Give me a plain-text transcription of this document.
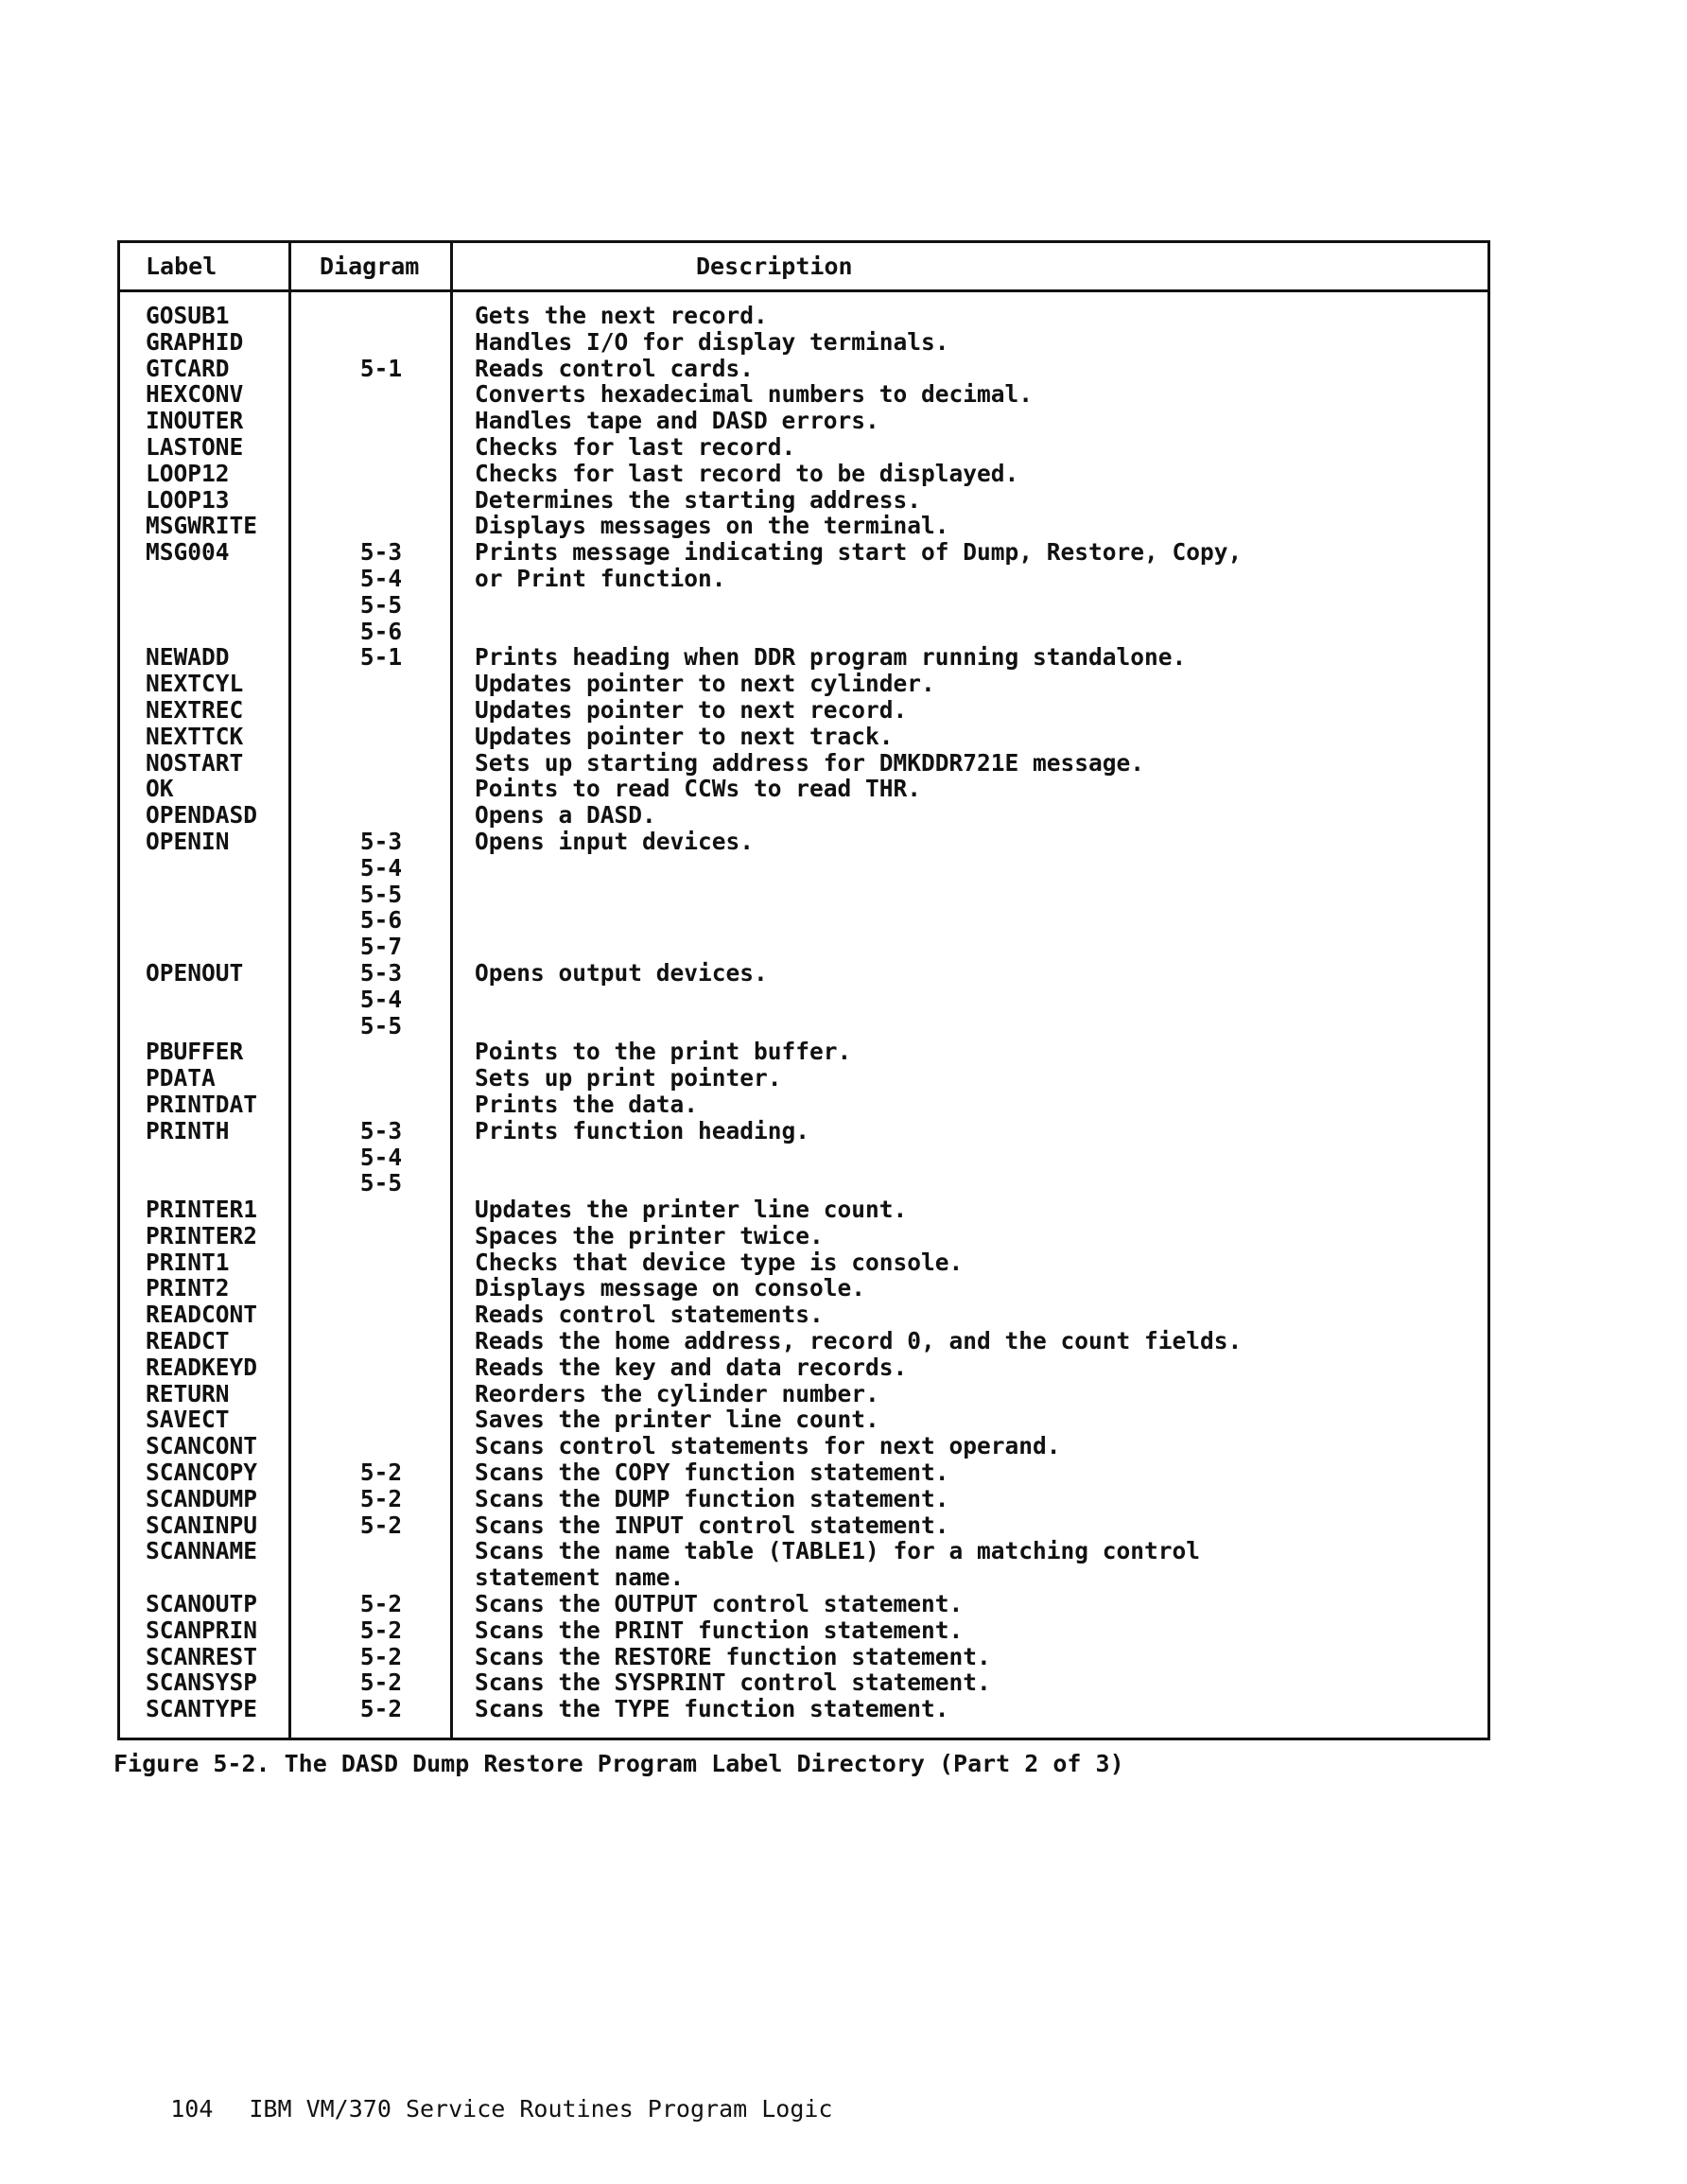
Label	Diagram	Description
GOSUB1	Gets the next record.
GRAPHID	Handles I/O for display terminals.
GTCARD	5-1	Reads control cards.
HEXCONV	Converts hexadecimal numbers to decimal.
INOUTER	Handles tape and DASD errors.
LASTONE	Checks for last record.
LOOP12	Checks for last record to be displayed.
LOOP13	Determines the starting address.
MSGWRITE	Displays messages on the terminal.
MSG004	5-3	Prints message indicating start of Dump, Restore, Copy,
5-4	or Print function.
5-5
5-6
NEWADD	5-1	Prints heading when DDR program running standalone.
NEXTCYL	Updates pointer to next cylinder.
NEXTREC	Updates pointer to next record.
NEXTTCK	Updates pointer to next track.
NOSTART	Sets up starting address for DMKDDR721E message.
OK	Points to read CCWs to read THR.
OPENDASD	Opens a DASD.
OPENIN	5-3	Opens input devices.
5-4
5-5
5-6
5-7
OPENOUT	5-3	Opens output devices.
5-4
5-5
PBUFFER	Points to the print buffer.
PDATA	Sets up print pointer.
PRINTDAT	Prints the data.
PRINTH	5-3	Prints function heading.
5-4
5-5
PRINTER1	Updates the printer line count.
PRINTER2	Spaces the printer twice.
PRINT1	Checks that device type is console.
PRINT2	Displays message on console.
READCONT	Reads control statements.
READCT	Reads the home address, record 0, and the count fields.
READKEYD	Reads the key and data records.
RETURN	Reorders the cylinder number.
SAVECT	Saves the printer line count.
SCANCONT	Scans control statements for next operand.
SCANCOPY	5-2	Scans the COPY function statement.
SCANDUMP	5-2	Scans the DUMP function statement.
SCANINPU	5-2	Scans the INPUT control statement.
SCANNAME	Scans the name table (TABLE1) for a matching control
statement name.
SCANOUTP	5-2	Scans the OUTPUT control statement.
SCANPRIN	5-2	Scans the PRINT function statement.
SCANREST	5-2	Scans the RESTORE function statement.
SCANSYSP	5-2	Scans the SYSPRINT control statement.
SCANTYPE	5-2	Scans the TYPE function statement.
Figure 5-2. The DASD Dump Restore Program Label Directory (Part 2 of 3)

104 IBM VM/370 Service Routines Program Logic
